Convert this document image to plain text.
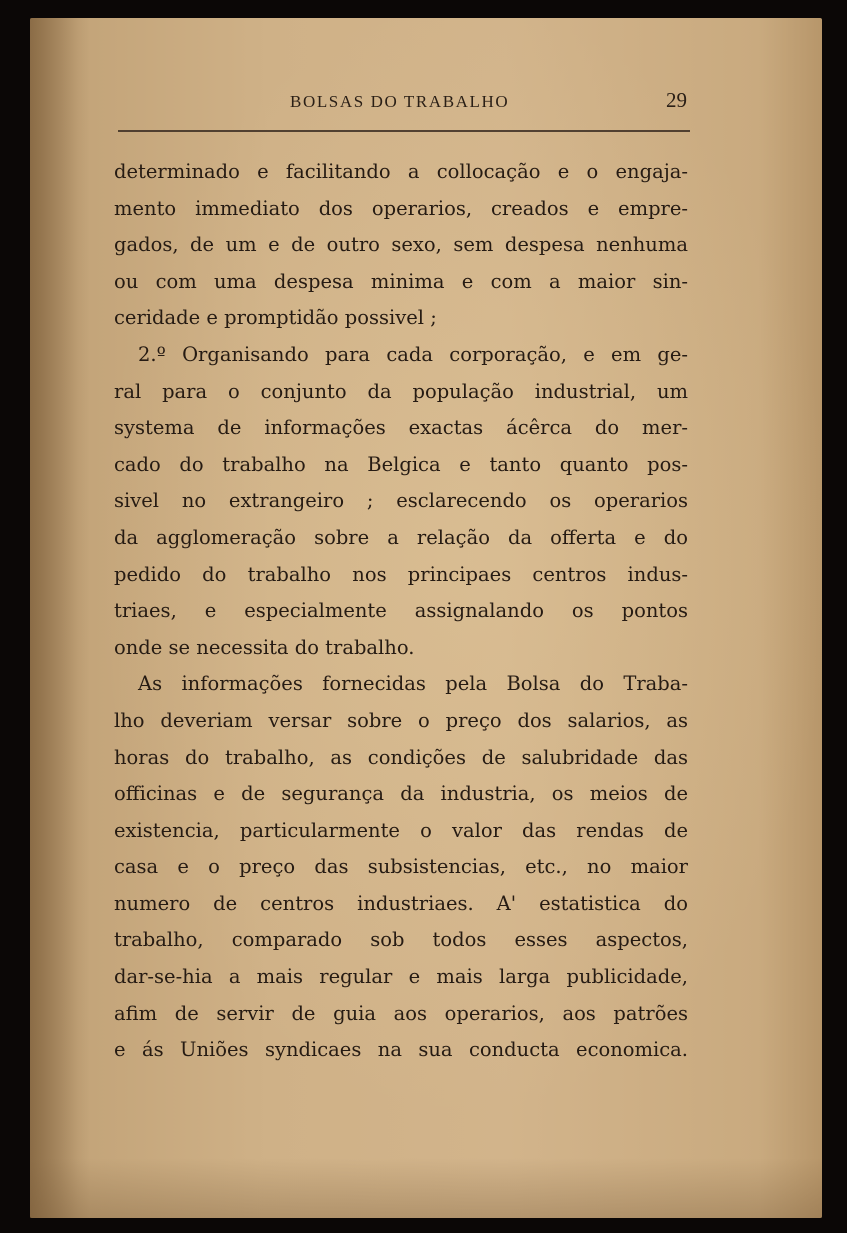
BOLSAS DO TRABALHO	29
determinado e facilitando a collocação e o engaja-
mento immediato dos operarios, creados e empre-
gados, de um e de outro sexo, sem despesa nenhuma
ou com uma despesa minima e com a maior sin-
ceridade e promptidão possivel ;
2.º Organisando para cada corporação, e em ge-
ral para o conjunto da população industrial, um
systema de informações exactas ácêrca do mer-
cado do trabalho na Belgica e tanto quanto pos-
sivel no extrangeiro ; esclarecendo os operarios
da agglomeração sobre a relação da offerta e do
pedido do trabalho nos principaes centros indus-
triaes, e especialmente assignalando os pontos
onde se necessita do trabalho.
As informações fornecidas pela Bolsa do Traba-
lho deveriam versar sobre o preço dos salarios, as
horas do trabalho, as condições de salubridade das
officinas e de segurança da industria, os meios de
existencia, particularmente o valor das rendas de
casa e o preço das subsistencias, etc., no maior
numero de centros industriaes. A' estatistica do
trabalho, comparado sob todos esses aspectos,
dar-se-hia a mais regular e mais larga publicidade,
afim de servir de guia aos operarios, aos patrões
e ás Uniões syndicaes na sua conducta economica.
